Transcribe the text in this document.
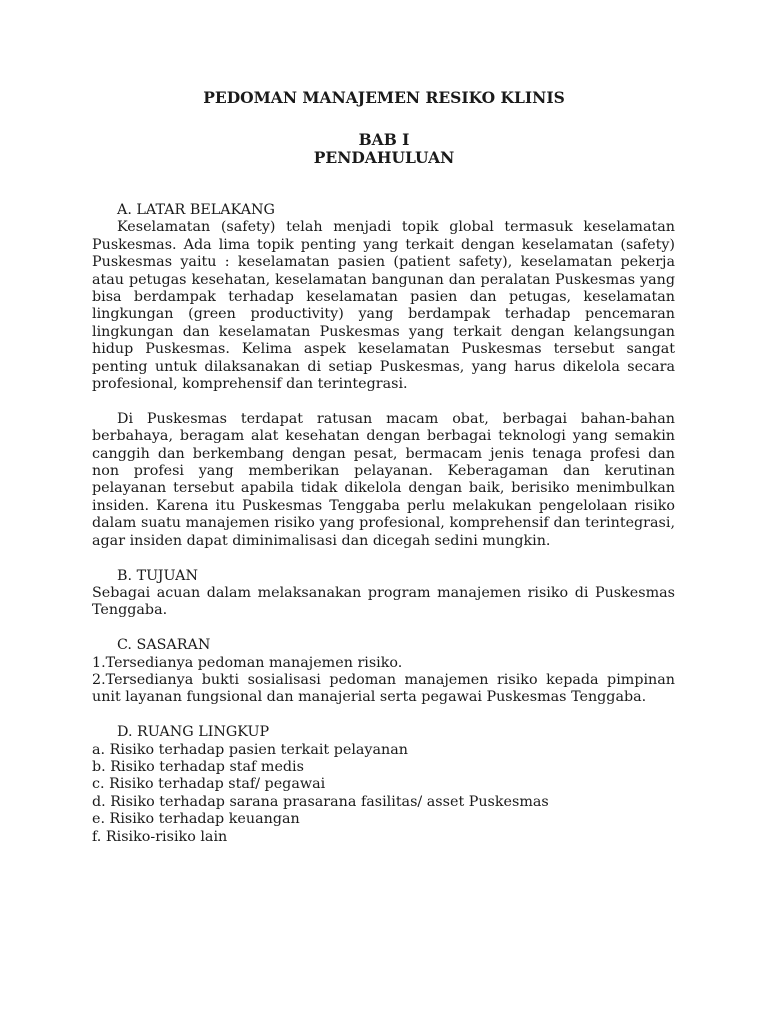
PEDOMAN MANAJEMEN RESIKO KLINIS
BAB I
PENDAHULUAN
A. LATAR BELAKANG

Keselamatan (safety) telah menjadi topik global termasuk keselamatan Puskesmas. Ada lima topik penting yang terkait dengan keselamatan (safety) Puskesmas yaitu : keselamatan pasien (patient safety), keselamatan pekerja atau petugas kesehatan, keselamatan bangunan dan peralatan Puskesmas yang bisa berdampak terhadap keselamatan pasien dan petugas, keselamatan lingkungan (green productivity) yang berdampak terhadap pencemaran lingkungan dan keselamatan Puskesmas yang terkait dengan kelangsungan hidup Puskesmas. Kelima aspek keselamatan Puskesmas tersebut sangat penting untuk dilaksanakan di setiap Puskesmas, yang harus dikelola secara profesional, komprehensif dan terintegrasi.

Di Puskesmas terdapat ratusan macam obat, berbagai bahan-bahan berbahaya, beragam alat kesehatan dengan berbagai teknologi yang semakin canggih dan berkembang dengan pesat, bermacam jenis tenaga profesi dan non profesi yang memberikan pelayanan. Keberagaman dan kerutinan pelayanan tersebut apabila tidak dikelola dengan baik, berisiko menimbulkan insiden. Karena itu Puskesmas Tenggaba perlu melakukan pengelolaan risiko dalam suatu manajemen risiko yang profesional, komprehensif dan terintegrasi, agar insiden dapat diminimalisasi dan dicegah sedini mungkin.

B. TUJUAN

Sebagai acuan dalam melaksanakan program manajemen risiko di Puskesmas Tenggaba.

C. SASARAN

1.Tersedianya pedoman manajemen risiko.

2.Tersedianya bukti sosialisasi pedoman manajemen risiko kepada pimpinan unit layanan fungsional dan manajerial serta pegawai Puskesmas Tenggaba.

D. RUANG LINGKUP

a. Risiko terhadap pasien terkait pelayanan

b. Risiko terhadap staf medis

c. Risiko terhadap staf/ pegawai

d. Risiko terhadap sarana prasarana fasilitas/ asset Puskesmas

e. Risiko terhadap keuangan

f. Risiko-risiko lain
